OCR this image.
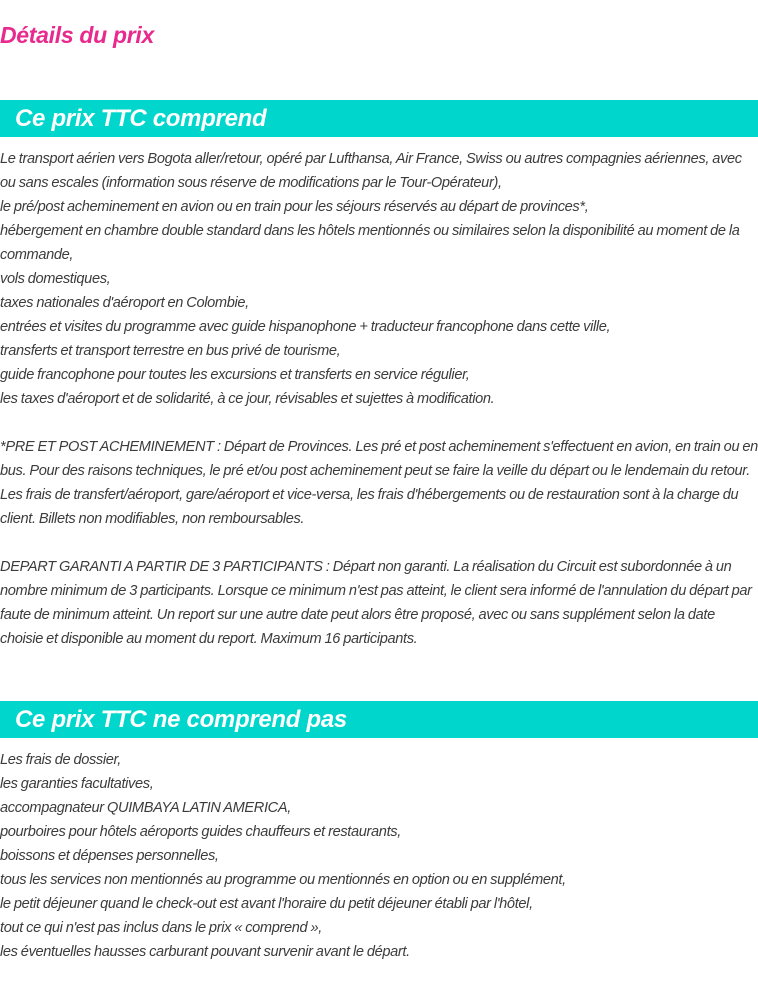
Détails du prix
Ce prix TTC comprend
Le transport aérien vers Bogota aller/retour, opéré par Lufthansa, Air France, Swiss ou autres compagnies aériennes, avec ou sans escales (information sous réserve de modifications par le Tour-Opérateur),
le pré/post acheminement en avion ou en train pour les séjours réservés au départ de provinces*,
hébergement en chambre double standard dans les hôtels mentionnés ou similaires selon la disponibilité au moment de la commande,
vols domestiques,
taxes nationales d'aéroport en Colombie,
entrées et visites du programme avec guide hispanophone + traducteur francophone dans cette ville,
transferts et transport terrestre en bus privé de tourisme,
guide francophone pour toutes les excursions et transferts en service régulier,
les taxes d'aéroport et de solidarité, à ce jour, révisables et sujettes à modification.
*PRE ET POST ACHEMINEMENT : Départ de Provinces. Les pré et post acheminement s'effectuent en avion, en train ou en bus. Pour des raisons techniques, le pré et/ou post acheminement peut se faire la veille du départ ou le lendemain du retour. Les frais de transfert/aéroport, gare/aéroport et vice-versa, les frais d'hébergements ou de restauration sont à la charge du client. Billets non modifiables, non remboursables.
DEPART GARANTI A PARTIR DE 3 PARTICIPANTS : Départ non garanti. La réalisation du Circuit est subordonnée à un nombre minimum de 3 participants. Lorsque ce minimum n'est pas atteint, le client sera informé de l'annulation du départ par faute de minimum atteint. Un report sur une autre date peut alors être proposé, avec ou sans supplément selon la date choisie et disponible au moment du report. Maximum 16 participants.
Ce prix TTC ne comprend pas
Les frais de dossier,
les garanties facultatives,
accompagnateur QUIMBAYA LATIN AMERICA,
pourboires pour hôtels aéroports guides chauffeurs et restaurants,
boissons et dépenses personnelles,
tous les services non mentionnés au programme ou mentionnés en option ou en supplément,
le petit déjeuner quand le check-out est avant l'horaire du petit déjeuner établi par l'hôtel,
tout ce qui n'est pas inclus dans le prix « comprend »,
les éventuelles hausses carburant pouvant survenir avant le départ.
